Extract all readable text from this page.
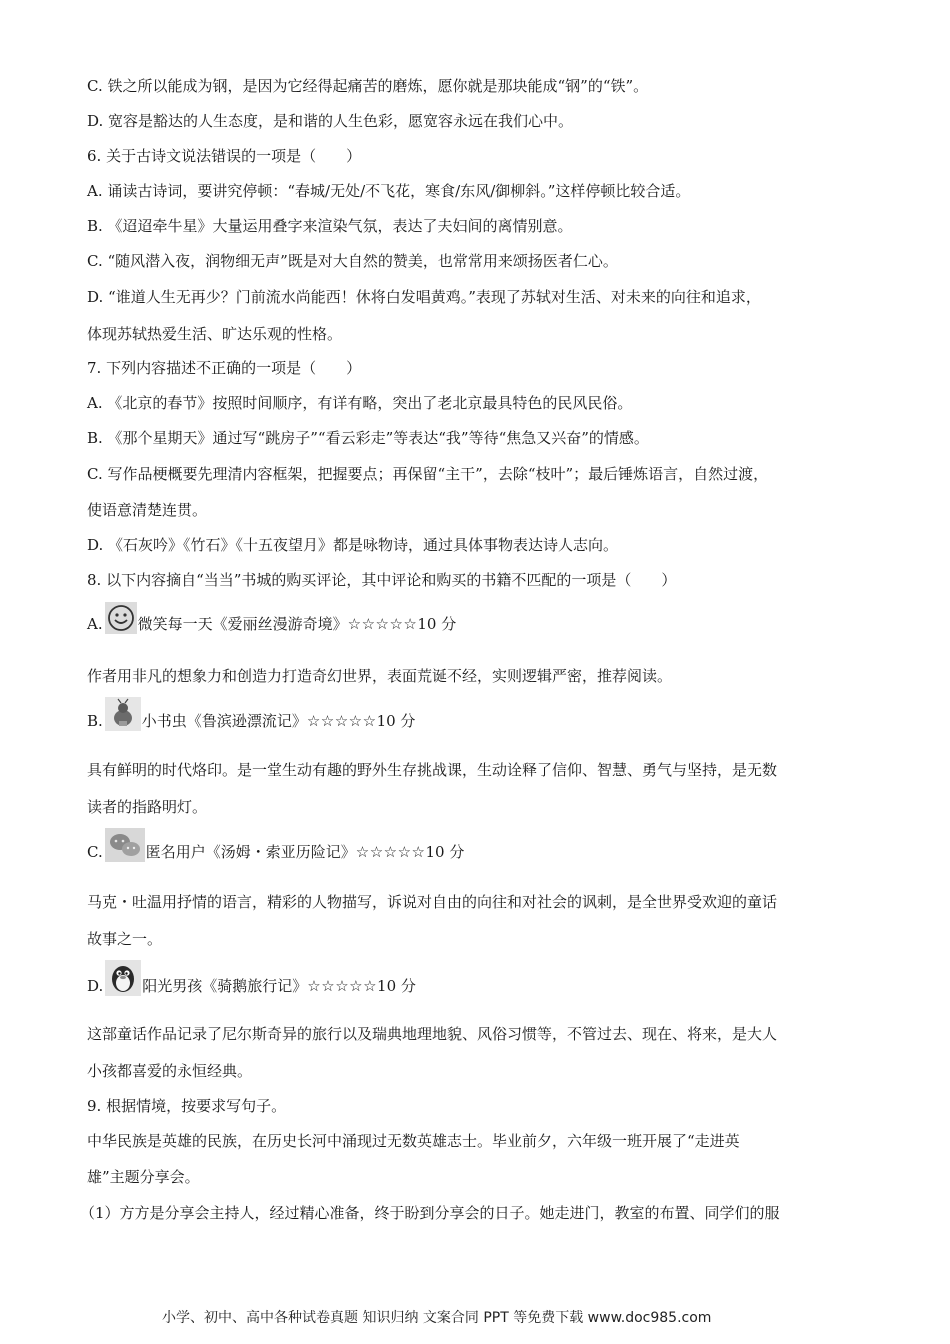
C. 铁之所以能成为钢，是因为它经得起痛苦的磨炼，愿你就是那块能成“钢”的“铁”。
D. 宽容是豁达的人生态度，是和谐的人生色彩，愿宽容永远在我们心中。
6. 关于古诗文说法错误的一项是（　　）
A. 诵读古诗词，要讲究停顿：“春城/无处/不飞花，寒食/东风/御柳斜。”这样停顿比较合适。
B. 《迢迢牵牛星》大量运用叠字来渲染气氛，表达了夫妇间的离情别意。
C. “随风潜入夜，润物细无声”既是对大自然的赞美，也常常用来颂扬医者仁心。
D. “谁道人生无再少？门前流水尚能西！休将白发唱黄鸡。”表现了苏轼对生活、对未来的向往和追求，
体现苏轼热爱生活、旷达乐观的性格。
7. 下列内容描述不正确的一项是（　　）
A. 《北京的春节》按照时间顺序，有详有略，突出了老北京最具特色的民风民俗。
B. 《那个星期天》通过写“跳房子”“看云彩走”等表达“我”等待“焦急又兴奋”的情感。
C. 写作品梗概要先理清内容框架，把握要点；再保留“主干”，去除“枝叶”；最后锤炼语言，自然过渡，
使语意清楚连贯。
D. 《石灰吟》《竹石》《十五夜望月》都是咏物诗，通过具体事物表达诗人志向。
8. 以下内容摘自“当当”书城的购买评论，其中评论和购买的书籍不匹配的一项是（　　）
A. 微笑每一天 《爱丽丝漫游奇境》 ☆☆☆☆☆ 10 分
作者用非凡的想象力和创造力打造奇幻世界，表面荒诞不经，实则逻辑严密，推荐阅读。
B.	小书虫 《鲁滨逊漂流记》 ☆☆☆☆☆ 10 分
具有鲜明的时代烙印。是一堂生动有趣的野外生存挑战课，生动诠释了信仰、智慧、勇气与坚持，是无数
读者的指路明灯。
C.	匿名用户 《汤姆・索亚历险记》 ☆☆☆☆☆ 10 分
马克・吐温用抒情的语言，精彩的人物描写，诉说对自由的向往和对社会的讽刺，是全世界受欢迎的童话
故事之一。
D.	阳光男孩 《骑鹅旅行记》 ☆☆☆☆☆ 10 分
这部童话作品记录了尼尔斯奇异的旅行以及瑞典地理地貌、风俗习惯等，不管过去、现在、将来，是大人
小孩都喜爱的永恒经典。
9. 根据情境，按要求写句子。
中华民族是英雄的民族，在历史长河中涌现过无数英雄志士。毕业前夕，六年级一班开展了“走进英
雄”主题分享会。
（1）方方是分享会主持人，经过精心准备，终于盼到分享会的日子。她走进门，教室的布置、同学们的服
小学、初中、高中各种试卷真题 知识归纳 文案合同 PPT 等免费下载 www.doc985.com
